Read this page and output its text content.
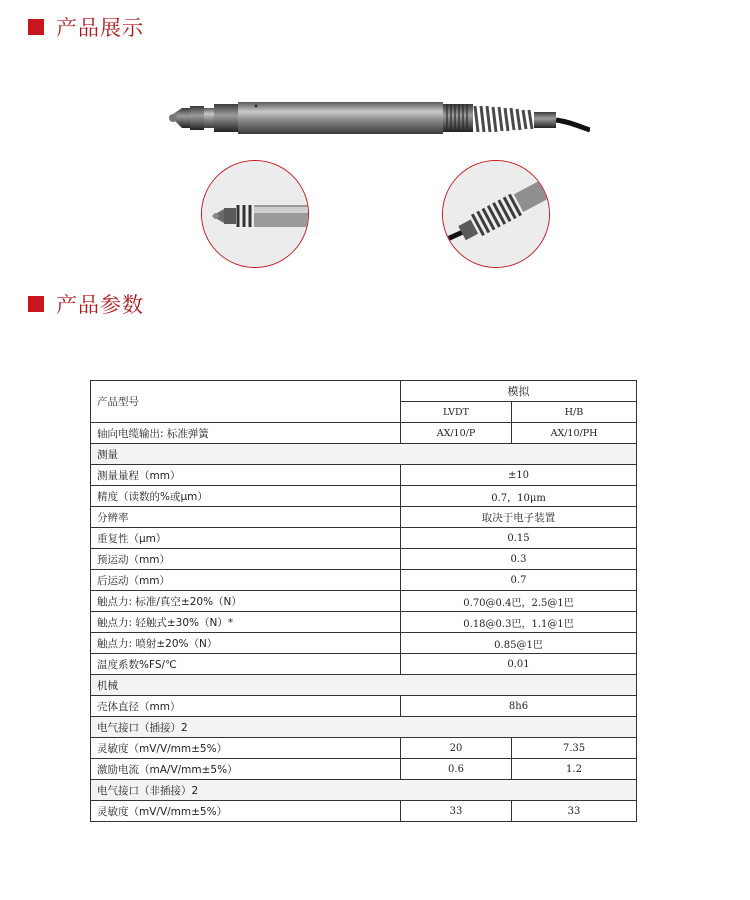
产品展示
产品参数
产品型号	模拟	
	LVDT	H/B
轴向电缆输出: 标准弹簧	AX/10/P	AX/10/PH
测量		
测量量程（mm）	±10	
精度（读数的%或μm）	0.7，10μm	
分辨率	取决于电子装置	
重复性（μm）	0.15	
预运动（mm）	0.3	
后运动（mm）	0.7	
触点力: 标准/真空±20%（N）	0.70@0.4巴，2.5@1巴	
触点力: 轻触式±30%（N）*	0.18@0.3巴，1.1@1巴	
触点力: 喷射±20%（N）	0.85@1巴	
温度系数%FS/℃	0.01	
机械		
壳体直径（mm）	8h6	
电气接口（插接）2		
灵敏度（mV/V/mm±5%）	20	7.35
激励电流（mA/V/mm±5%）	0.6	1.2
电气接口（非插接）2		
灵敏度（mV/V/mm±5%）	33	33
